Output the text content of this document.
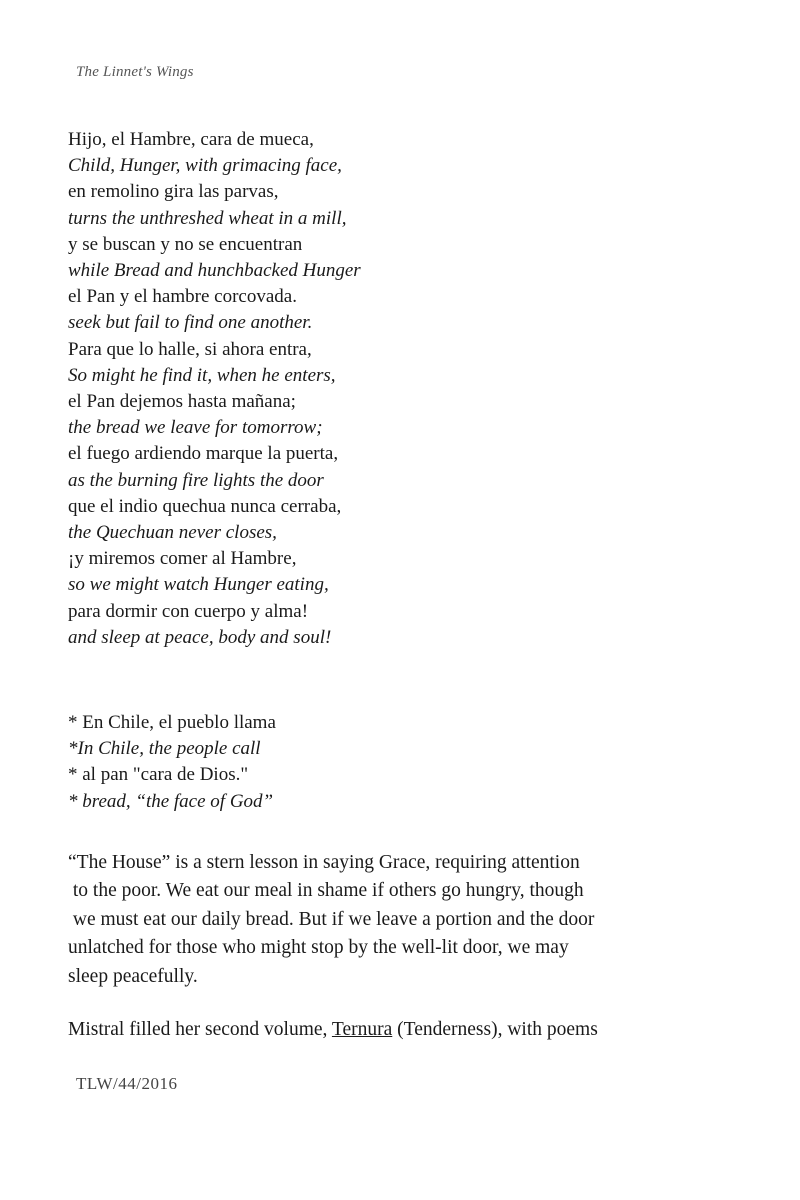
The Linnet's Wings
Hijo, el Hambre, cara de mueca,
Child, Hunger, with grimacing face,
en remolino gira las parvas,
turns the unthreshed wheat in a mill,
y se buscan y no se encuentran
while Bread and hunchbacked Hunger
el Pan y el hambre corcovada.
seek but fail to find one another.
Para que lo halle, si ahora entra,
So might he find it, when he enters,
el Pan dejemos hasta mañana;
the bread we leave for tomorrow;
el fuego ardiendo marque la puerta,
as the burning fire lights the door
que el indio quechua nunca cerraba,
the Quechuan never closes,
¡y miremos comer al Hambre,
so we might watch Hunger eating,
para dormir con cuerpo y alma!
and sleep at peace, body and soul!
* En Chile, el pueblo llama
*In Chile, the people call
* al pan "cara de Dios."
* bread, “the face of God”
“The House” is a stern lesson in saying Grace, requiring attention
to the poor. We eat our meal in shame if others go hungry, though
we must eat our daily bread. But if we leave a portion and the door
unlatched for those who might stop by the well-lit door, we may
sleep peacefully.
Mistral filled her second volume, Ternura (Tenderness), with poems
TLW/44/2016
